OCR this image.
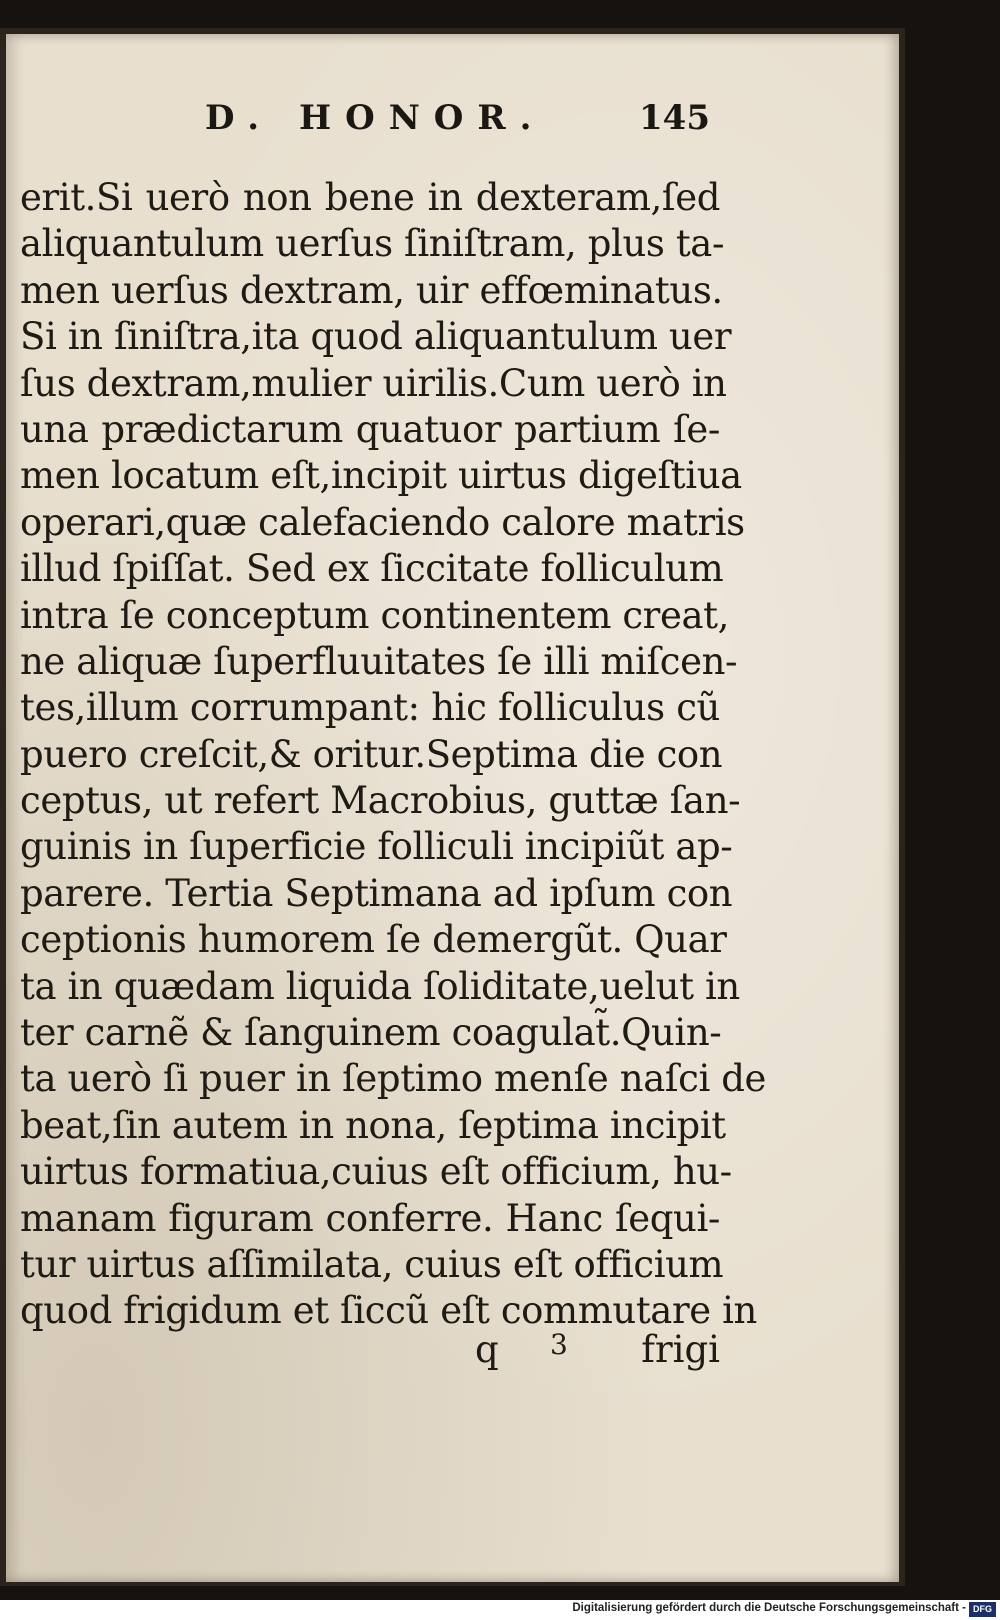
D. HONOR.	145
erit.Si uerò non bene in dexteram,ſed
aliquantulum uerſus ſiniſtram, plus ta-
men uerſus dextram, uir effœminatus.
Si in ſiniſtra,ita quod aliquantulum uer
ſus dextram,mulier uirilis.Cum uerò in
una prædictarum quatuor partium ſe-
men locatum eſt,incipit uirtus digeſtiua
operari,quæ calefaciendo calore matris
illud ſpiſſat. Sed ex ſiccitate folliculum
intra ſe conceptum continentem creat,
ne aliquæ ſuperfluuitates ſe illi miſcen-
tes,illum corrumpant: hic folliculus cũ
puero creſcit,& oritur.Septima die con
ceptus, ut refert Macrobius, guttæ ſan-
guinis in ſuperficie folliculi incipiũt ap-
parere. Tertia Septimana ad ipſum con
ceptionis humorem ſe demergũt. Quar
ta in quædam liquida ſoliditate,uelut in
ter carnẽ & ſanguinem coagulat̃.Quin-
ta uerò ſi puer in ſeptimo menſe naſci de
beat,ſin autem in nona, ſeptima incipit
uirtus formatiua,cuius eſt officium, hu-
manam figuram conferre. Hanc ſequi-
tur uirtus aſſimilata, cuius eſt officium
quod frigidum et ſiccũ eſt commutare in
q 3 frigi
Digitalisierung gefördert durch die Deutsche Forschungsgemeinschaft - DFG
